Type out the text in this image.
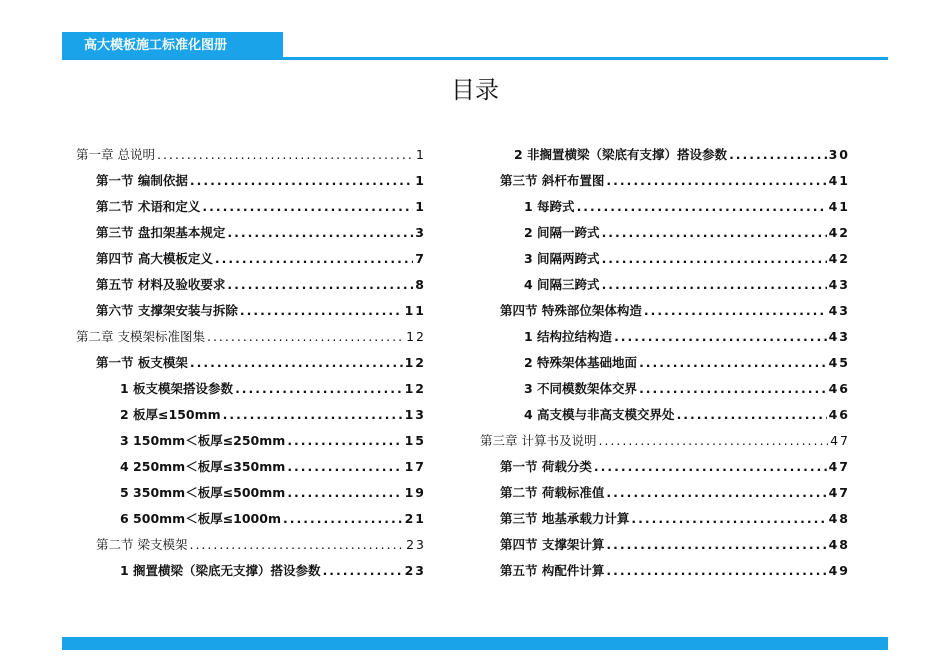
高大模板施工标准化图册
目录
第一章 总说明 .....	1
第一节 编制依据 .....	1
第二节 术语和定义 .....	1
第三节 盘扣架基本规定 .....	3
第四节 高大模板定义 .....	7
第五节 材料及验收要求 .....	8
第六节 支撑架安装与拆除 .....	11
第二章 支模架标准图集 .....	12
第一节 板支模架 .....	12
1 板支模架搭设参数 .....	12
2 板厚≤150mm .....	13
3 150mm＜板厚≤250mm .....	15
4 250mm＜板厚≤350mm .....	17
5 350mm＜板厚≤500mm .....	19
6 500mm＜板厚≤1000m .....	21
第二节 梁支模架 .....	23
1 搁置横梁（梁底无支撑）搭设参数 .....	23
2 非搁置横梁（梁底有支撑）搭设参数 .....	30
第三节 斜杆布置图 .....	41
1 每跨式 .....	41
2 间隔一跨式 .....	42
3 间隔两跨式 .....	42
4 间隔三跨式 .....	43
第四节 特殊部位架体构造 .....	43
1 结构拉结构造 .....	43
2 特殊架体基础地面 .....	45
3 不同模数架体交界 .....	46
4 高支模与非高支模交界处 .....	46
第三章 计算书及说明 .....	47
第一节 荷载分类 .....	47
第二节 荷载标准值 .....	47
第三节 地基承载力计算 .....	48
第四节 支撑架计算 .....	48
第五节 构配件计算 .....	49
